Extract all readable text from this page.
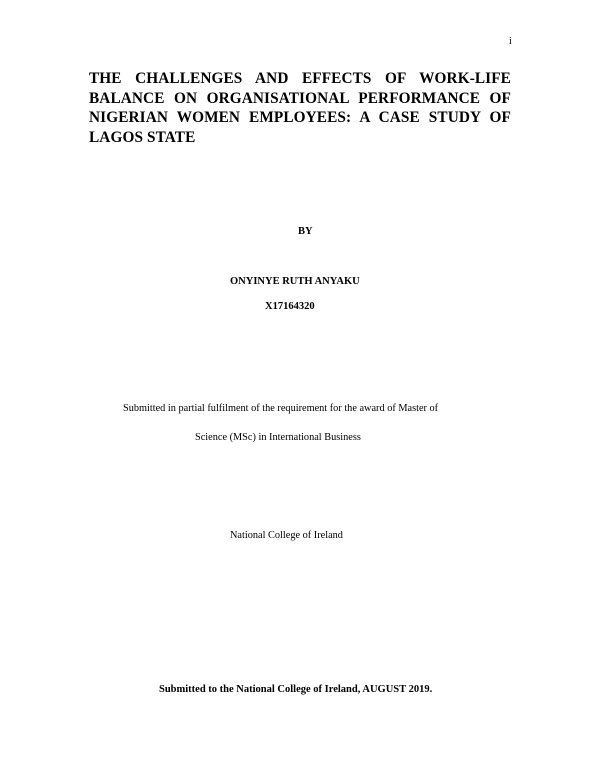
i
THE CHALLENGES AND EFFECTS OF WORK-LIFE BALANCE ON ORGANISATIONAL PERFORMANCE OF NIGERIAN WOMEN EMPLOYEES: A CASE STUDY OF LAGOS STATE
BY
ONYINYE RUTH ANYAKU
X17164320
Submitted in partial fulfilment of the requirement for the award of Master of
Science (MSc) in International Business
National College of Ireland
Submitted to the National College of Ireland, AUGUST 2019.
